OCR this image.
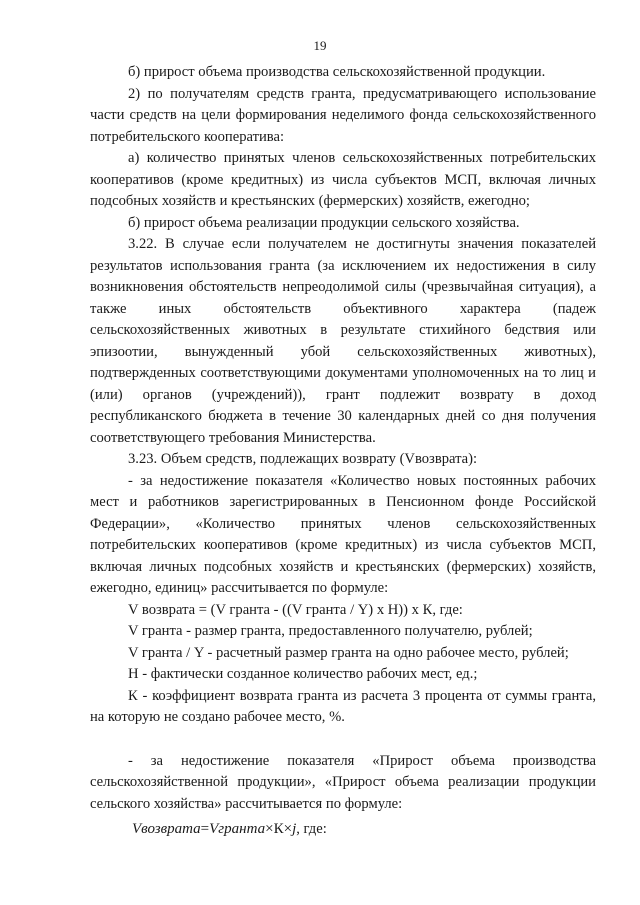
19

б) прирост объема производства сельскохозяйственной продукции.

2) по получателям средств гранта, предусматривающего использование части средств на цели формирования неделимого фонда сельскохозяйственного потребительского кооператива:

а) количество принятых членов сельскохозяйственных потребительских кооперативов (кроме кредитных) из числа субъектов МСП, включая личных подсобных хозяйств и крестьянских (фермерских) хозяйств, ежегодно;

б) прирост объема реализации продукции сельского хозяйства.

3.22. В случае если получателем не достигнуты значения показателей результатов использования гранта (за исключением их недостижения в силу возникновения обстоятельств непреодолимой силы (чрезвычайная ситуация), а также иных обстоятельств объективного характера (падеж сельскохозяйственных животных в результате стихийного бедствия или эпизоотии, вынужденный убой сельскохозяйственных животных), подтвержденных соответствующими документами уполномоченных на то лиц и (или) органов (учреждений)), грант подлежит возврату в доход республиканского бюджета в течение 30 календарных дней со дня получения соответствующего требования Министерства.

3.23. Объем средств, подлежащих возврату (Vвозврата):

- за недостижение показателя «Количество новых постоянных рабочих мест и работников зарегистрированных в Пенсионном фонде Российской Федерации», «Количество принятых членов сельскохозяйственных потребительских кооперативов (кроме кредитных) из числа субъектов МСП, включая личных подсобных хозяйств и крестьянских (фермерских) хозяйств, ежегодно, единиц» рассчитывается по формуле:

V возврата = (V гранта - ((V гранта / Y) х Н)) х К, где:

V гранта - размер гранта, предоставленного получателю, рублей;

V гранта / Y - расчетный размер гранта на одно рабочее место, рублей;

Н - фактически созданное количество рабочих мест, ед.;

К - коэффициент возврата гранта из расчета 3 процента от суммы гранта, на которую не создано рабочее место, %.

- за недостижение показателя «Прирост объема производства сельскохозяйственной продукции», «Прирост объема реализации продукции сельского хозяйства» рассчитывается по формуле:

Vвозврата=Vгранта×К×j, где:
